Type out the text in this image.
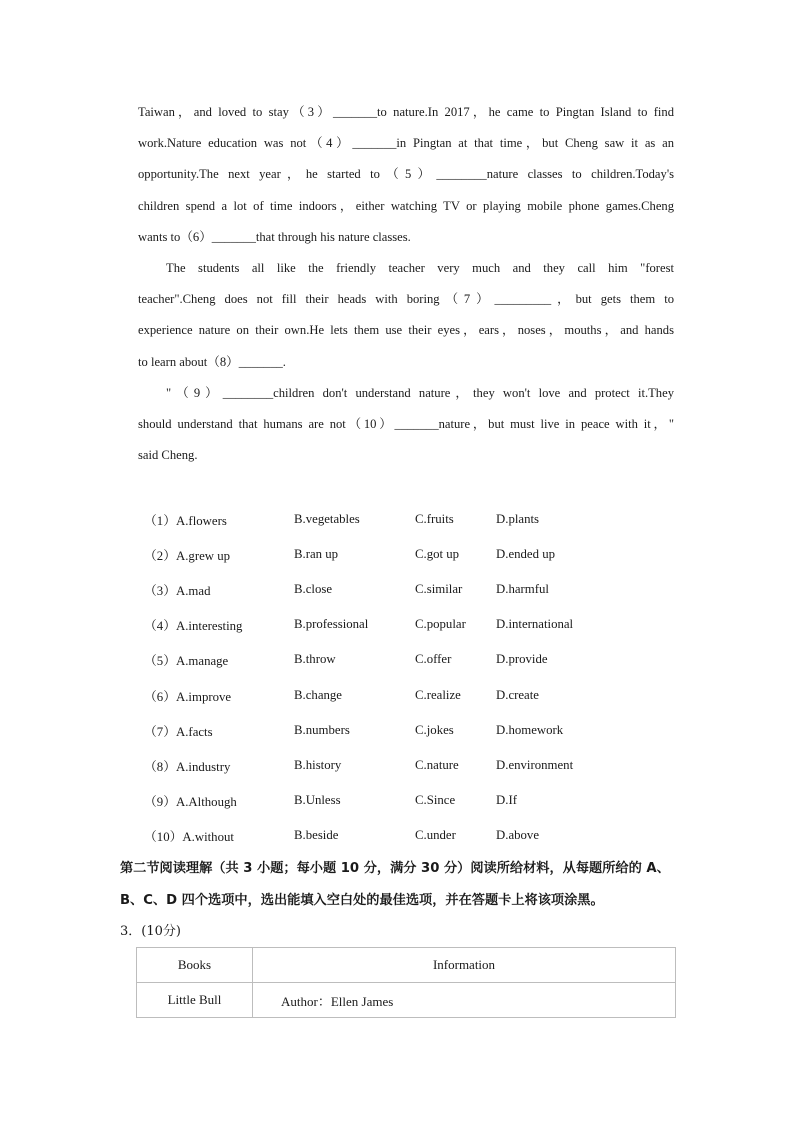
Taiwan，and loved to stay（3）_______to nature.In 2017，he came to Pingtan Island to find
work.Nature education was not（4）_______in Pingtan at that time，but Cheng saw it as an
opportunity.The next year，he started to（5）________nature classes to children.Today's
children spend a lot of time indoors，either watching TV or playing mobile phone games.Cheng
wants to（6）_______that through his nature classes.
The students all like the friendly teacher very much and they call him "forest
teacher".Cheng does not fill their heads with boring（7）_________，but gets them to
experience nature on their own.He lets them use their eyes，ears，noses，mouths，and hands
to learn about（8）_______.
"（9）________children don't understand nature，they won't love and protect it.They
should understand that humans are not（10）_______nature，but must live in peace with it，"
said Cheng.
（1）A.flowers	B.vegetables	C.fruits	D.plants
（2）A.grew up	B.ran up	C.got up	D.ended up
（3）A.mad	B.close	C.similar	D.harmful
（4）A.interesting	B.professional	C.popular	D.international
（5）A.manage	B.throw	C.offer	D.provide
（6）A.improve	B.change	C.realize	D.create
（7）A.facts	B.numbers	C.jokes	D.homework
（8）A.industry	B.history	C.nature	D.environment
（9）A.Although	B.Unless	C.Since	D.If
（10）A.without	B.beside	C.under	D.above
第二节阅读理解（共 3 小题；每小题 10 分，满分 30 分）阅读所给材料，从每题所给的 A、
B、C、D 四个选项中，选出能填入空白处的最佳选项，并在答题卡上将该项涂黑。
3．(10分)
Books	Information
Little Bull	Author：Ellen James
